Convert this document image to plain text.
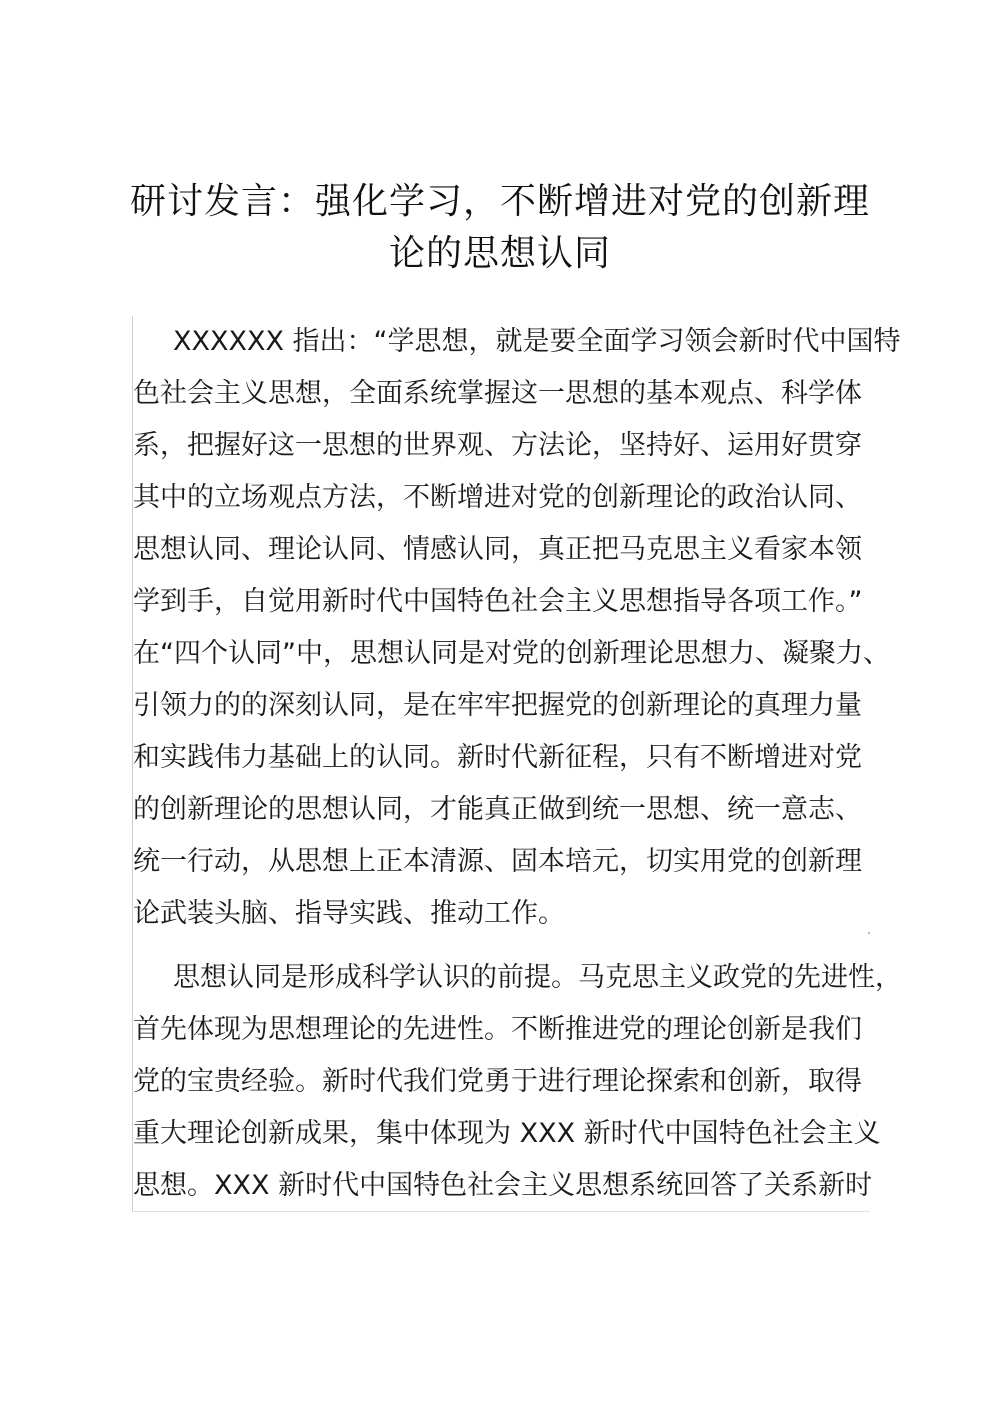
研讨发言：强化学习，不断增进对党的创新理
论的思想认同

XXXXXX 指出：“学思想，就是要全面学习领会新时代中国特
色社会主义思想，全面系统掌握这一思想的基本观点、科学体
系，把握好这一思想的世界观、方法论，坚持好、运用好贯穿
其中的立场观点方法，不断增进对党的创新理论的政治认同、
思想认同、理论认同、情感认同，真正把马克思主义看家本领
学到手，自觉用新时代中国特色社会主义思想指导各项工作。”
在“四个认同”中，思想认同是对党的创新理论思想力、凝聚力、
引领力的的深刻认同，是在牢牢把握党的创新理论的真理力量
和实践伟力基础上的认同。新时代新征程，只有不断增进对党
的创新理论的思想认同，才能真正做到统一思想、统一意志、
统一行动，从思想上正本清源、固本培元，切实用党的创新理
论武装头脑、指导实践、推动工作。

思想认同是形成科学认识的前提。马克思主义政党的先进性，
首先体现为思想理论的先进性。不断推进党的理论创新是我们
党的宝贵经验。新时代我们党勇于进行理论探索和创新，取得
重大理论创新成果，集中体现为 XXX 新时代中国特色社会主义
思想。XXX 新时代中国特色社会主义思想系统回答了关系新时
